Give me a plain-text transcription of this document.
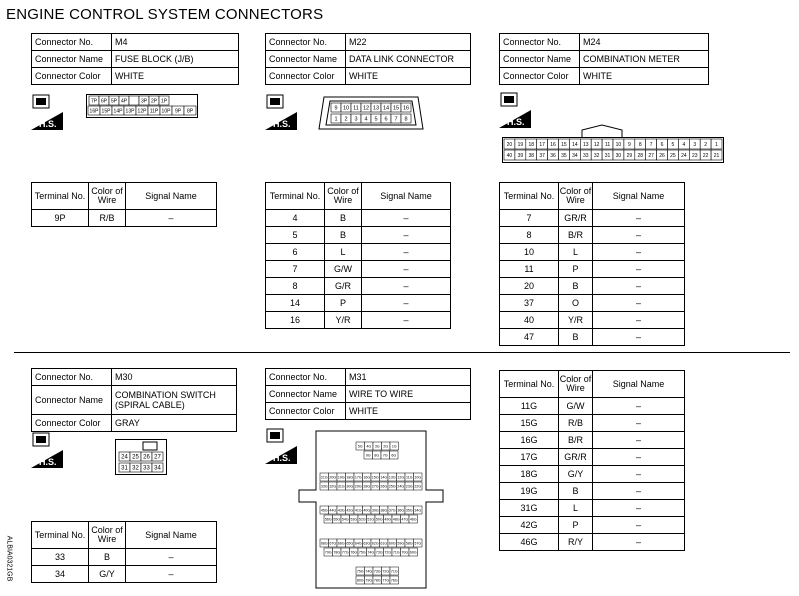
ENGINE CONTROL SYSTEM CONNECTORS
Connector No.	M4
Connector Name	FUSE BLOCK (J/B)
Connector Color	WHITE
H.S.
7P 6P 5P 4P	3P 2P 1P
16P 15P 14P 13P 12P 11P 10P 9P 8P
Terminal No.	Color of Wire	Signal Name
9P	R/B	–
Connector No.	M22
Connector Name	DATA LINK CONNECTOR
Connector Color	WHITE
H.S.
9 10 11 12 13 14 15 16
1 2 3 4 5 6 7 8
Terminal No.	Color of Wire	Signal Name
4	B	–
5	B	–
6	L	–
7	G/W	–
8	G/R	–
14	P	–
16	Y/R	–
Connector No.	M24
Connector Name	COMBINATION METER
Connector Color	WHITE
H.S.
20 19 18 17 16 15 14 13 12 11 10 9 8 7 6 5 4 3 2 1
40 39 38 37 36 35 34 33 32 31 30 29 28 27 26 25 24 23 22 21
Terminal No.	Color of Wire	Signal Name
7	GR/R	–
8	B/R	–
10	L	–
11	P	–
20	B	–
37	O	–
40	Y/R	–
47	B	–
Connector No.	M30
Connector Name	COMBINATION SWITCH (SPIRAL CABLE)
Connector Color	GRAY
H.S.	24 25 26 27
31 32 33 34
Terminal No.	Color of Wire	Signal Name
33	B	–
34	G/Y	–
Connector No.	M31
Connector Name	WIRE TO WIRE
Connector Color	WHITE
H.S.
5G 4G 3G 2G 1G
9G 8G 7G 6G
21G 20G 19G 18G 17G 16G 15G 14G 13G 12G 11G 10G
33G 32G 31G 30G 29G 28G 27G 26G 25G 24G 23G 22G
45G 44G 43G 42G 41G 40G 39G 38G 37G 36G 35G 34G
56G 55G 54G 53G 52G 51G 50G 49G 48G 47G 46G
68G 67G 66G 65G 64G 63G 62G 61G 60G 59G 58G 57G
79G 78G 77G 76G 75G 74G 73G 72G 71G 70G 69G
75G 74G 73G 72G 71G
80G 79G 78G 77G 76G
Terminal No.	Color of Wire	Signal Name
11G	G/W	–
15G	R/B	–
16G	B/R	–
17G	GR/R	–
18G	G/Y	–
19G	B	–
31G	L	–
42G	P	–
46G	R/Y	–
ALBIA0321GB
